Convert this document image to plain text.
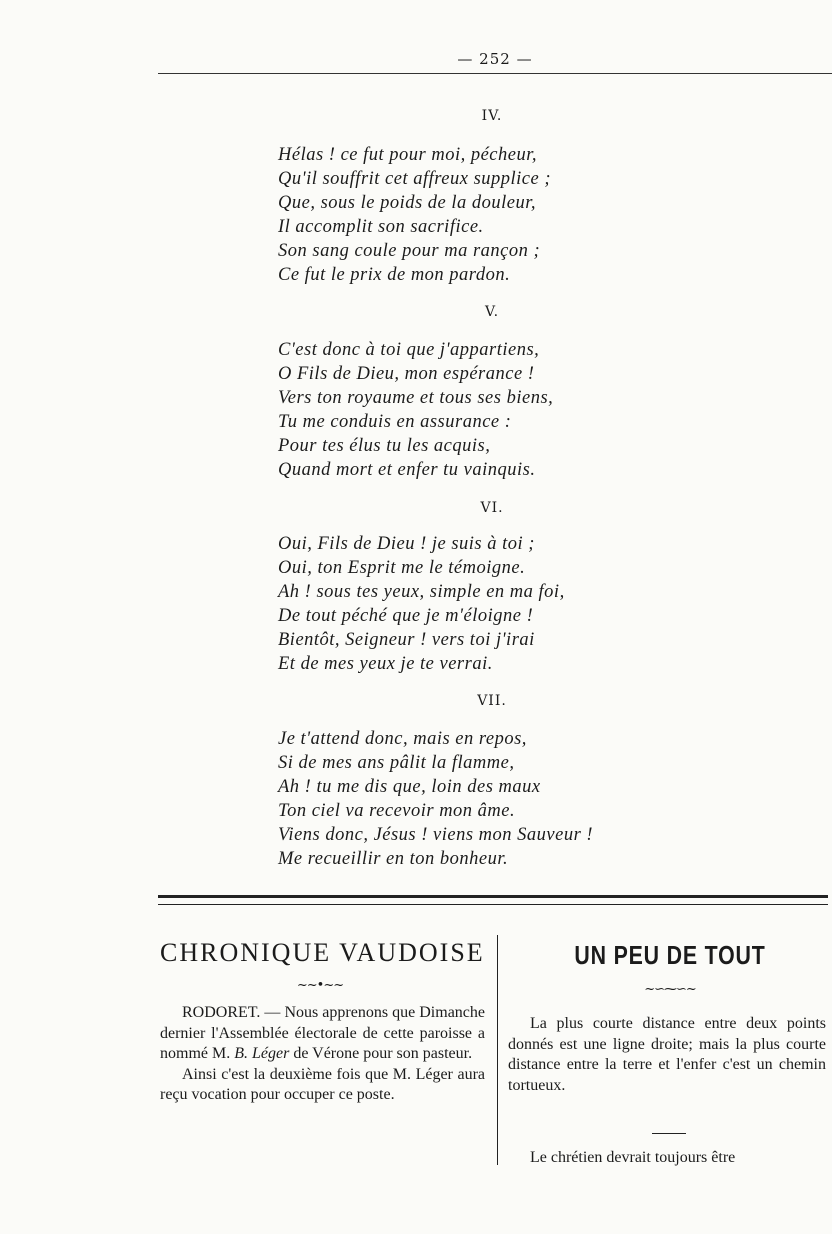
— 252 —
IV.
Hélas ! ce fut pour moi, pécheur,
Qu'il souffrit cet affreux supplice ;
Que, sous le poids de la douleur,
Il accomplit son sacrifice.
Son sang coule pour ma rançon ;
Ce fut le prix de mon pardon.
V.
C'est donc à toi que j'appartiens,
O Fils de Dieu, mon espérance !
Vers ton royaume et tous ses biens,
Tu me conduis en assurance :
Pour tes élus tu les acquis,
Quand mort et enfer tu vainquis.
VI.
Oui, Fils de Dieu ! je suis à toi ;
Oui, ton Esprit me le témoigne.
Ah ! sous tes yeux, simple en ma foi,
De tout péché que je m'éloigne !
Bientôt, Seigneur ! vers toi j'irai
Et de mes yeux je te verrai.
VII.
Je t'attend donc, mais en repos,
Si de mes ans pâlit la flamme,
Ah ! tu me dis que, loin des maux
Ton ciel va recevoir mon âme.
Viens donc, Jésus ! viens mon Sauveur !
Me recueillir en ton bonheur.
CHRONIQUE VAUDOISE
~~•~~

RODORET. — Nous apprenons que Dimanche dernier l'Assemblée électorale de cette paroisse a nommé M. B. Léger de Vérone pour son pasteur.

Ainsi c'est la deuxième fois que M. Léger aura reçu vocation pour occuper ce poste.

UN PEU DE TOUT
~∽⁓∽~

La plus courte distance entre deux points donnés est une ligne droite; mais la plus courte distance entre la terre et l'enfer c'est un chemin tortueux.

Le chrétien devrait toujours être
